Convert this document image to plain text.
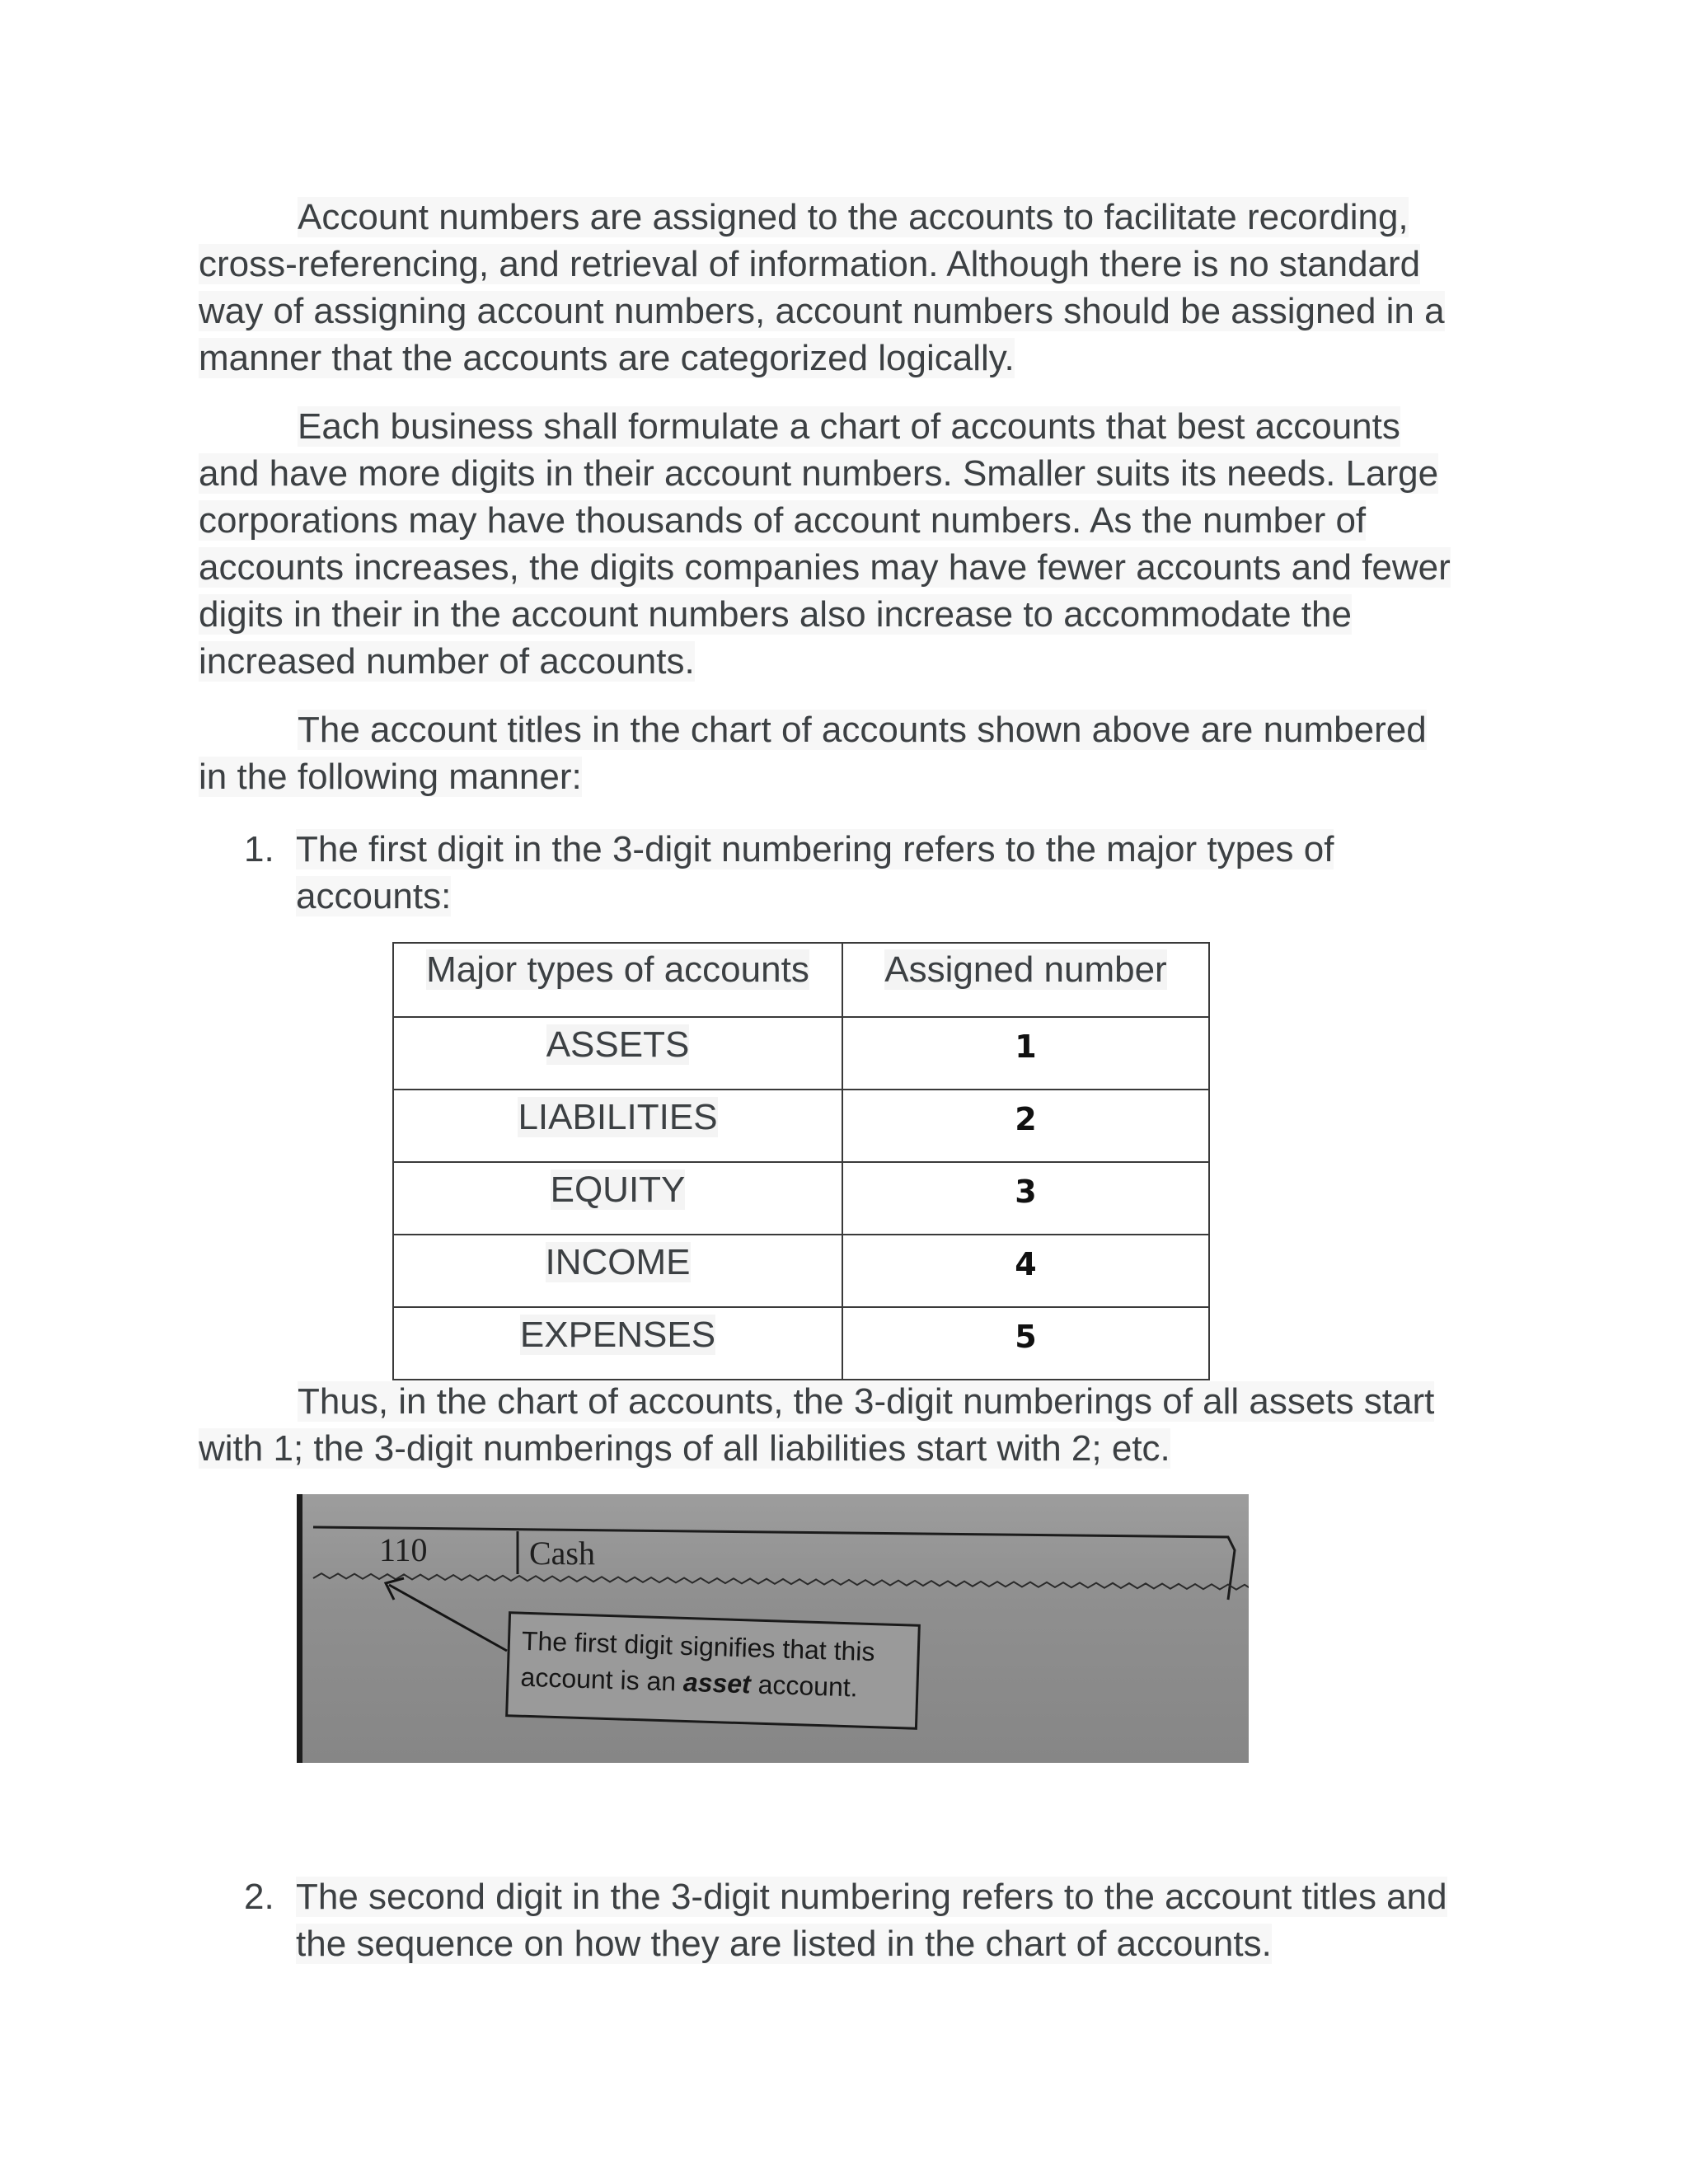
Account numbers are assigned to the accounts to facilitate recording,
cross-referencing, and retrieval of information. Although there is no standard
way of assigning account numbers, account numbers should be assigned in a
manner that the accounts are categorized logically.
Each business shall formulate a chart of accounts that best accounts
and have more digits in their account numbers. Smaller suits its needs. Large
corporations may have thousands of account numbers. As the number of
accounts increases, the digits companies may have fewer accounts and fewer
digits in their in the account numbers also increase to accommodate the
increased number of accounts.
The account titles in the chart of accounts shown above are numbered
in the following manner:
1. The first digit in the 3-digit numbering refers to the major types of
accounts:
Major types of accounts	Assigned number
ASSETS	1
LIABILITIES	2
EQUITY	3
INCOME	4
EXPENSES	5
Thus, in the chart of accounts, the 3-digit numberings of all assets start
with 1; the 3-digit numberings of all liabilities start with 2; etc.
110	Cash
The first digit signifies that this
account is an asset account.
2. The second digit in the 3-digit numbering refers to the account titles and
the sequence on how they are listed in the chart of accounts.
